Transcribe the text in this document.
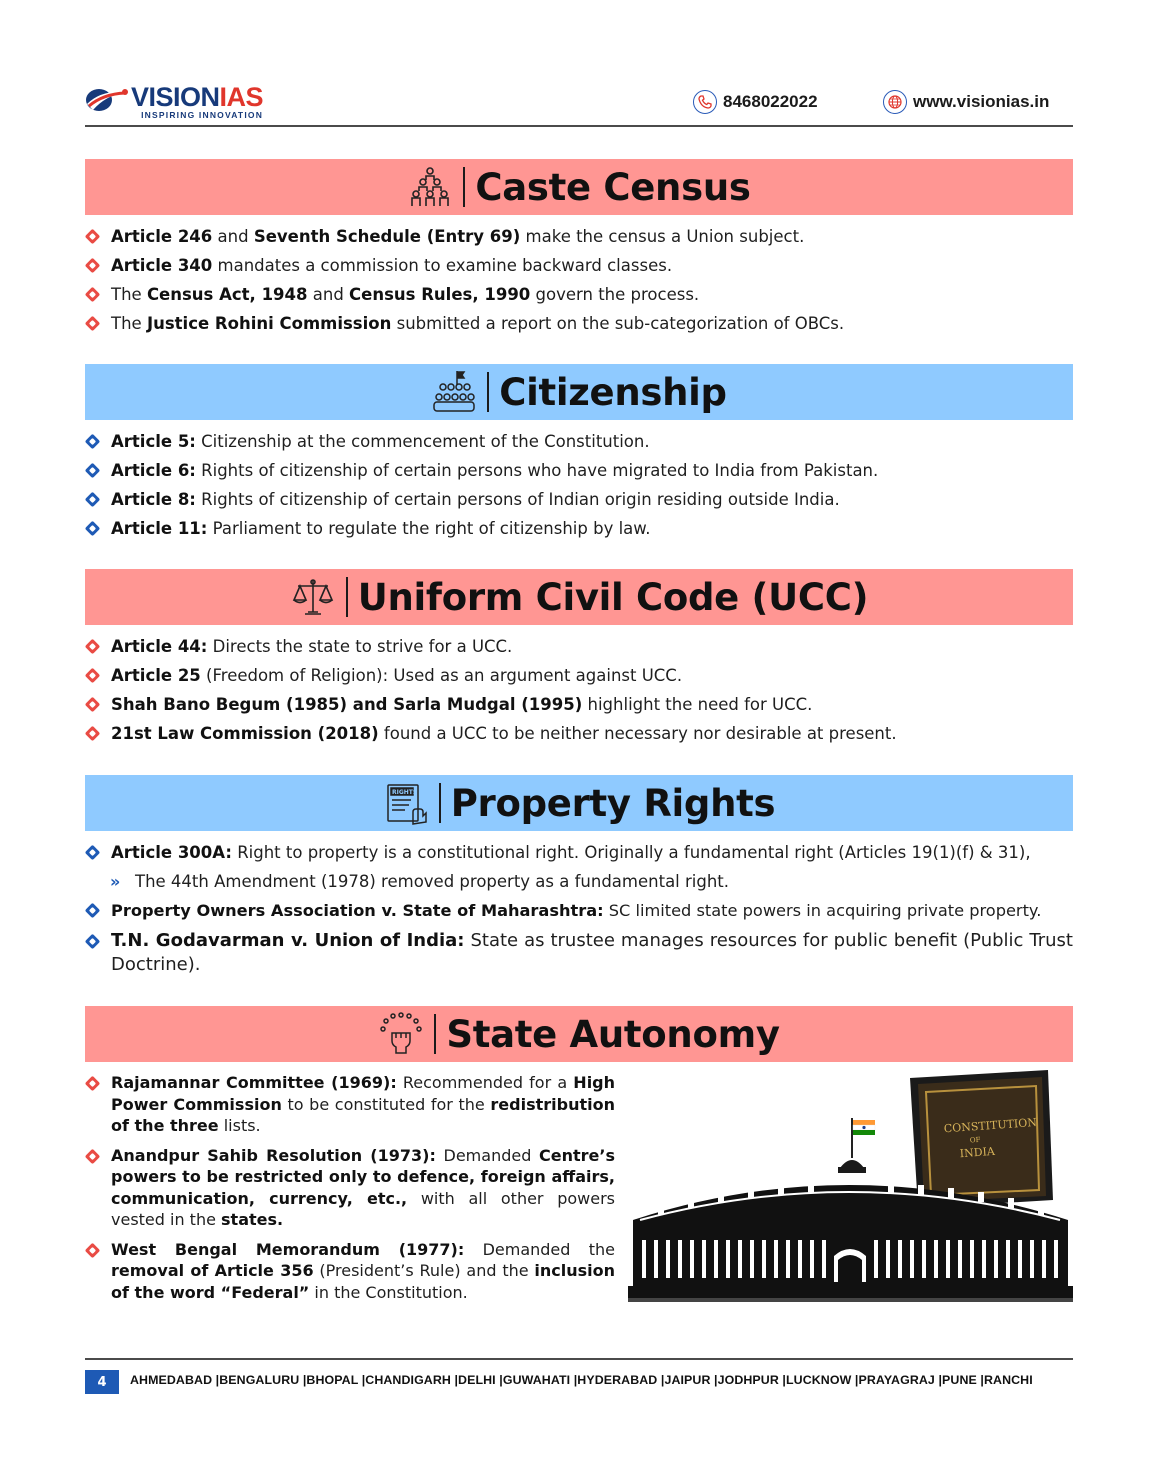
VISIONIAS
INSPIRING INNOVATION
8468022022	www.visionias.in
Caste Census
Article 246 and Seventh Schedule (Entry 69) make the census a Union subject.
Article 340 mandates a commission to examine backward classes.
The Census Act, 1948 and Census Rules, 1990 govern the process.
The Justice Rohini Commission submitted a report on the sub-categorization of OBCs.
Citizenship
Article 5: Citizenship at the commencement of the Constitution.
Article 6: Rights of citizenship of certain persons who have migrated to India from Pakistan.
Article 8: Rights of citizenship of certain persons of Indian origin residing outside India.
Article 11: Parliament to regulate the right of citizenship by law.
Uniform Civil Code (UCC)
Article 44: Directs the state to strive for a UCC.
Article 25 (Freedom of Religion): Used as an argument against UCC.
Shah Bano Begum (1985) and Sarla Mudgal (1995) highlight the need for UCC.
21st Law Commission (2018) found a UCC to be neither necessary nor desirable at present.
RIGHTS Property Rights
Article 300A: Right to property is a constitutional right. Originally a fundamental right (Articles 19(1)(f) & 31),
» The 44th Amendment (1978) removed property as a fundamental right.
Property Owners Association v. State of Maharashtra: SC limited state powers in acquiring private property.
T.N. Godavarman v. Union of India: State as trustee manages resources for public benefit (Public Trust Doctrine).
State Autonomy
Rajamannar Committee (1969): Recommended for a High Power Commission to be constituted for the redistribution of the three lists.
Anandpur Sahib Resolution (1973): Demanded Centre’s powers to be restricted only to defence, foreign affairs, communication, currency, etc., with all other powers vested in the states.
West Bengal Memorandum (1977): Demanded the removal of Article 356 (President’s Rule) and the inclusion of the word “Federal” in the Constitution.
CONSTITUTION
OF
INDIA
4	AHMEDABAD |BENGALURU |BHOPAL |CHANDIGARH |DELHI |GUWAHATI |HYDERABAD |JAIPUR |JODHPUR |LUCKNOW |PRAYAGRAJ |PUNE |RANCHI
